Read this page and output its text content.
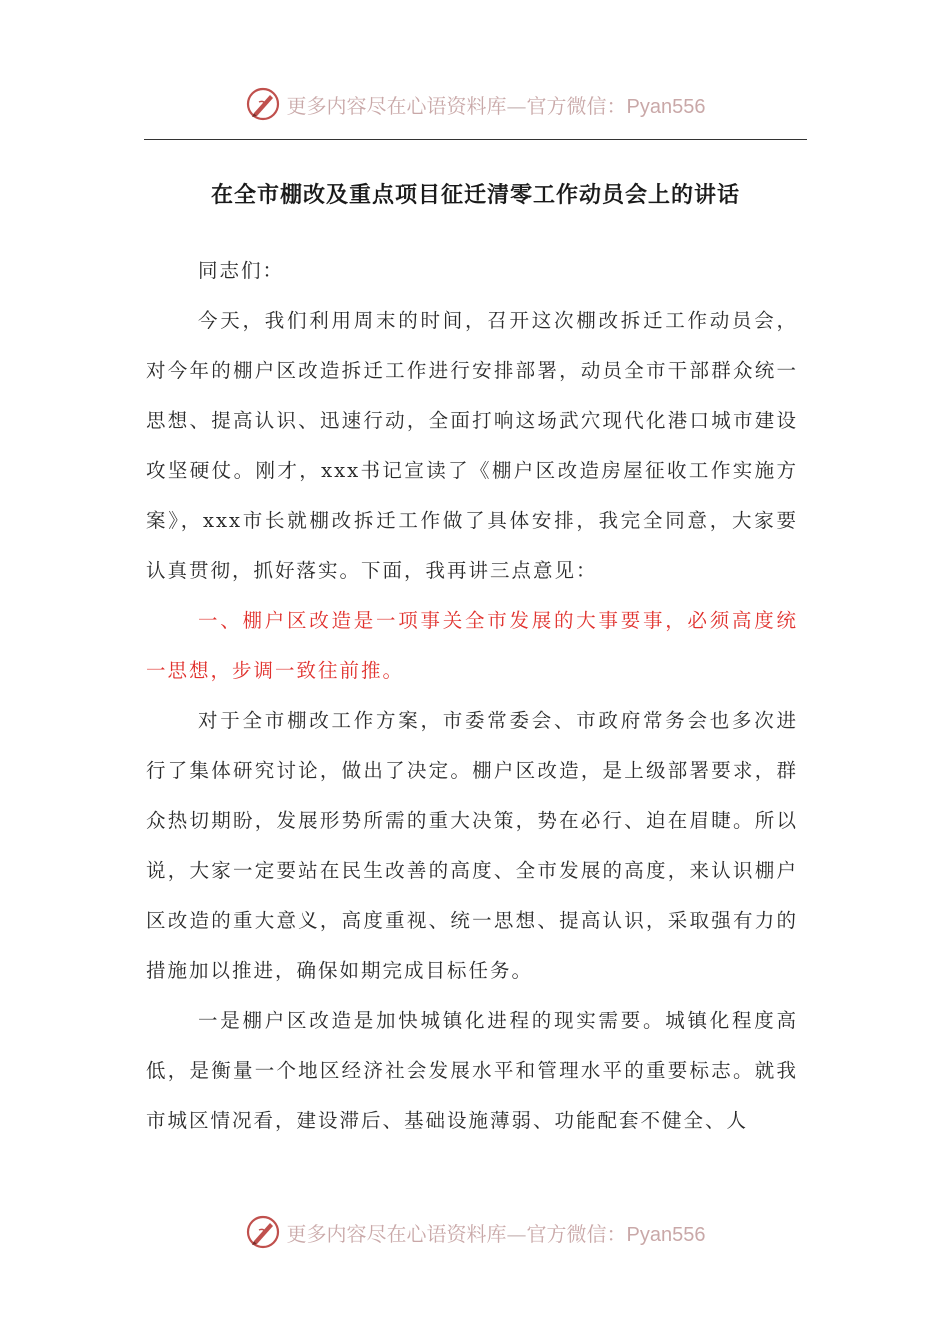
更多内容尽在心语资料库—官方微信：Pyan556
在全市棚改及重点项目征迁清零工作动员会上的讲话

同志们：

今天，我们利用周末的时间，召开这次棚改拆迁工作动员会，对今年的棚户区改造拆迁工作进行安排部署，动员全市干部群众统一思想、提高认识、迅速行动，全面打响这场武穴现代化港口城市建设攻坚硬仗。刚才，xxx书记宣读了《棚户区改造房屋征收工作实施方案》，xxx市长就棚改拆迁工作做了具体安排，我完全同意，大家要认真贯彻，抓好落实。下面，我再讲三点意见：

一、棚户区改造是一项事关全市发展的大事要事，必须高度统一思想，步调一致往前推。

对于全市棚改工作方案，市委常委会、市政府常务会也多次进行了集体研究讨论，做出了决定。棚户区改造，是上级部署要求，群众热切期盼，发展形势所需的重大决策，势在必行、迫在眉睫。所以说，大家一定要站在民生改善的高度、全市发展的高度，来认识棚户区改造的重大意义，高度重视、统一思想、提高认识，采取强有力的措施加以推进，确保如期完成目标任务。

一是棚户区改造是加快城镇化进程的现实需要。城镇化程度高低，是衡量一个地区经济社会发展水平和管理水平的重要标志。就我市城区情况看，建设滞后、基础设施薄弱、功能配套不健全、人

更多内容尽在心语资料库—官方微信：Pyan556
